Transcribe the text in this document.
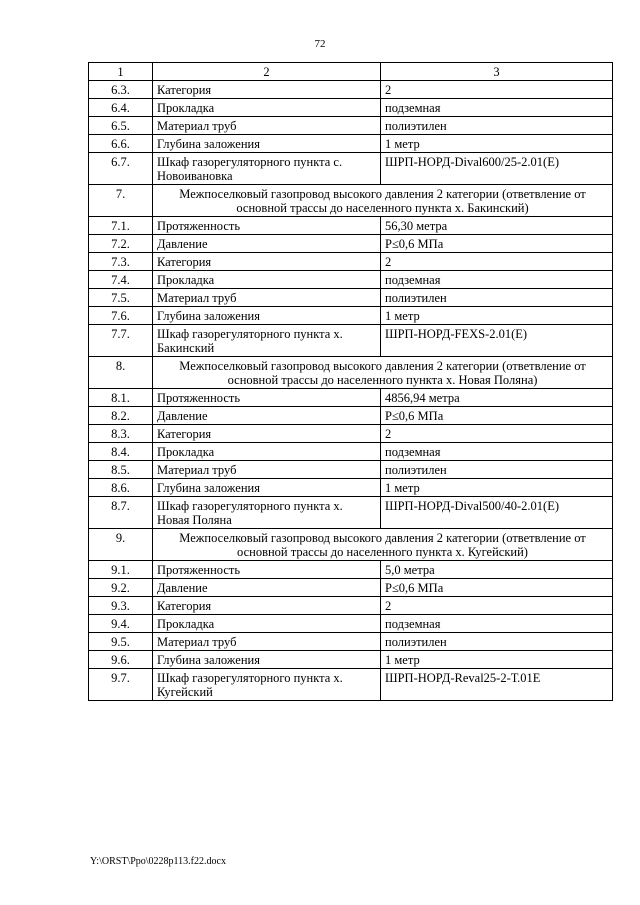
72
1	2	3
6.3.	Категория	2
6.4.	Прокладка	подземная
6.5.	Материал труб	полиэтилен
6.6.	Глубина заложения	1 метр
6.7.	Шкаф газорегуляторного пункта с. Новоивановка	ШРП-НОРД-Dival600/25-2.01(Е)
7.	Межпоселковый газопровод высокого давления 2 категории (ответвление от основной трассы до населенного пункта х. Бакинский)	
7.1.	Протяженность	56,30 метра
7.2.	Давление	Р≤0,6 МПа
7.3.	Категория	2
7.4.	Прокладка	подземная
7.5.	Материал труб	полиэтилен
7.6.	Глубина заложения	1 метр
7.7.	Шкаф газорегуляторного пункта х. Бакинский	ШРП-НОРД-FEXS-2.01(Е)
8.	Межпоселковый газопровод высокого давления 2 категории (ответвление от основной трассы до населенного пункта х. Новая Поляна)	
8.1.	Протяженность	4856,94 метра
8.2.	Давление	Р≤0,6 МПа
8.3.	Категория	2
8.4.	Прокладка	подземная
8.5.	Материал труб	полиэтилен
8.6.	Глубина заложения	1 метр
8.7.	Шкаф газорегуляторного пункта х. Новая Поляна	ШРП-НОРД-Dival500/40-2.01(Е)
9.	Межпоселковый газопровод высокого давления 2 категории (ответвление от основной трассы до населенного пункта х. Кугейский)	
9.1.	Протяженность	5,0 метра
9.2.	Давление	Р≤0,6 МПа
9.3.	Категория	2
9.4.	Прокладка	подземная
9.5.	Материал труб	полиэтилен
9.6.	Глубина заложения	1 метр
9.7.	Шкаф газорегуляторного пункта х. Кугейский	ШРП-НОРД-Reval25-2-Т.01Е
Y:\ORST\Ppo\0228p113.f22.docx
